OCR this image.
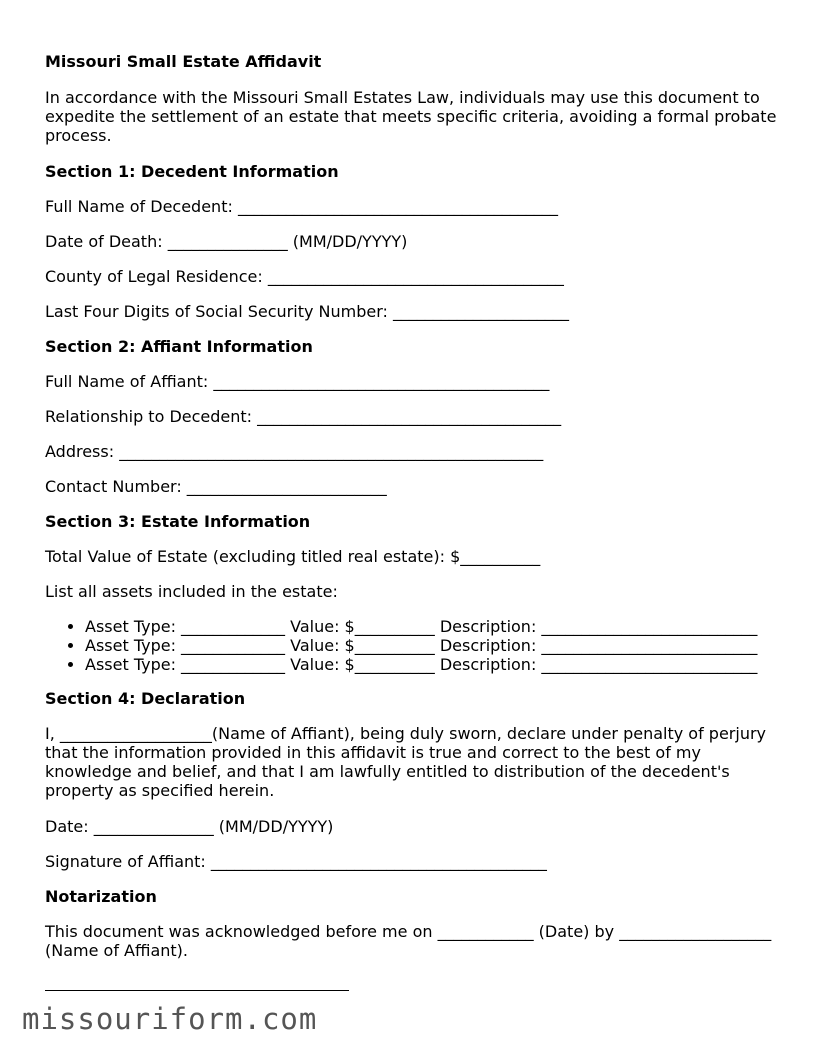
Missouri Small Estate Affidavit

In accordance with the Missouri Small Estates Law, individuals may use this document to expedite the settlement of an estate that meets specific criteria, avoiding a formal probate process.

Section 1: Decedent Information

Full Name of Decedent: ________________________________________

Date of Death: _______________ (MM/DD/YYYY)

County of Legal Residence: _____________________________________

Last Four Digits of Social Security Number: ______________________

Section 2: Affiant Information

Full Name of Affiant: __________________________________________

Relationship to Decedent: ______________________________________

Address: _____________________________________________________

Contact Number: _________________________

Section 3: Estate Information

Total Value of Estate (excluding titled real estate): $__________

List all assets included in the estate:

• Asset Type: _____________ Value: $__________ Description: ___________________________
• Asset Type: _____________ Value: $__________ Description: ___________________________
• Asset Type: _____________ Value: $__________ Description: ___________________________

Section 4: Declaration

I, ___________________(Name of Affiant), being duly sworn, declare under penalty of perjury that the information provided in this affidavit is true and correct to the best of my knowledge and belief, and that I am lawfully entitled to distribution of the decedent's property as specified herein.

Date: _______________ (MM/DD/YYYY)

Signature of Affiant: __________________________________________

Notarization

This document was acknowledged before me on ____________ (Date) by ___________________ (Name of Affiant).

missouriform.com
